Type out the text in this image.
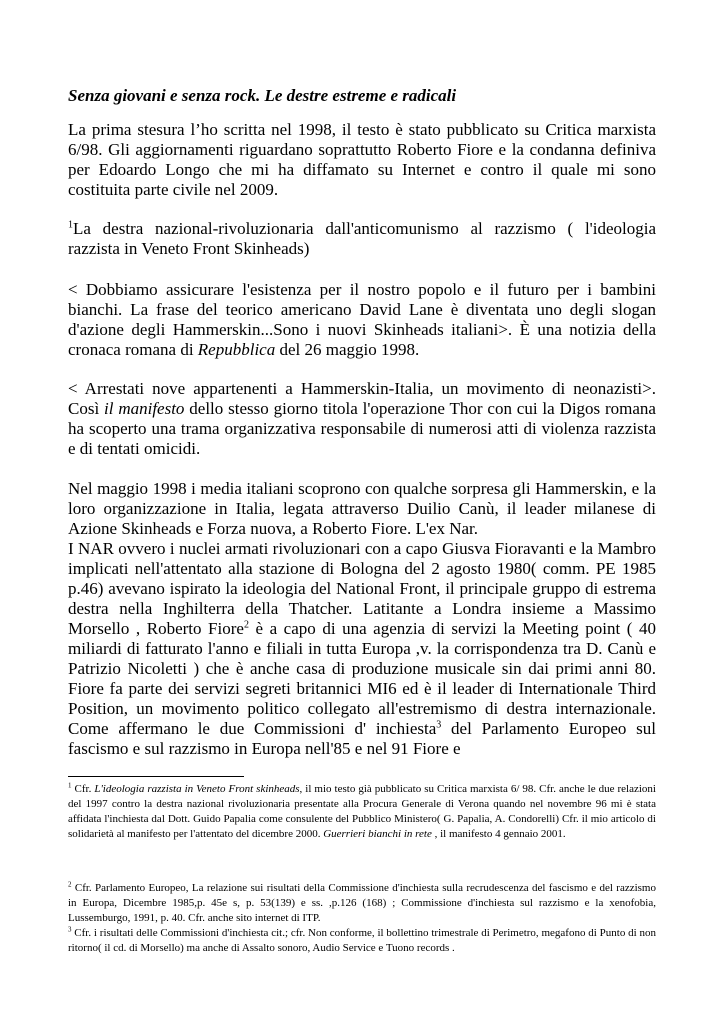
Senza giovani e senza rock. Le destre estreme e radicali

La prima stesura l’ho scritta nel 1998, il testo è stato pubblicato su Critica marxista 6/98. Gli aggiornamenti riguardano soprattutto Roberto Fiore e la condanna definiva per Edoardo Longo che mi ha diffamato su Internet e contro il quale mi sono costituita parte civile nel 2009.

$^1$La destra nazional-rivoluzionaria dall'anticomunismo al razzismo ( l'ideologia razzista in Veneto Front Skinheads)

< Dobbiamo assicurare l'esistenza per il nostro popolo e il futuro per i bambini bianchi. La frase del teorico americano David Lane è diventata uno degli slogan d'azione degli Hammerskin...Sono i nuovi Skinheads italiani>. È una notizia della cronaca romana di Repubblica del 26 maggio 1998.

< Arrestati nove appartenenti a Hammerskin-Italia, un movimento di neonazisti>. Così il manifesto dello stesso giorno titola l'operazione Thor con cui la Digos romana ha scoperto una trama organizzativa responsabile di numerosi atti di violenza razzista e di tentati omicidi.

Nel maggio 1998 i media italiani scoprono con qualche sorpresa gli Hammerskin, e la loro organizzazione in Italia, legata attraverso Duilio Canù, il leader milanese di Azione Skinheads e Forza nuova, a Roberto Fiore. L'ex Nar.

I NAR ovvero i nuclei armati rivoluzionari con a capo Giusva Fioravanti e la Mambro implicati nell'attentato alla stazione di Bologna del 2 agosto 1980( comm. PE 1985 p.46) avevano ispirato la ideologia del National Front, il principale gruppo di estrema destra nella Inghilterra della Thatcher. Latitante a Londra insieme a Massimo Morsello , Roberto Fiore$^2$ è a capo di una agenzia di servizi la Meeting point ( 40 miliardi di fatturato l'anno e filiali in tutta Europa ,v. la corrispondenza tra D. Canù e Patrizio Nicoletti ) che è anche casa di produzione musicale sin dai primi anni 80. Fiore fa parte dei servizi segreti britannici MI6 ed è il leader di Internationale Third Position, un movimento politico collegato all'estremismo di destra internazionale. Come affermano le due Commissioni d' inchiesta$^3$ del Parlamento Europeo sul fascismo e sul razzismo in Europa nell'85 e nel 91 Fiore e

$^1$ Cfr. L'ideologia razzista in Veneto Front skinheads, il mio testo già pubblicato su Critica marxista 6/ 98. Cfr. anche le due relazioni del 1997 contro la destra nazional rivoluzionaria presentate alla Procura Generale di Verona quando nel novembre 96 mi è stata affidata l'inchiesta dal Dott. Guido Papalia come consulente del Pubblico Ministero( G. Papalia, A. Condorelli) Cfr. il mio articolo di solidarietà al manifesto per l'attentato del dicembre 2000. Guerrieri bianchi in rete , il manifesto 4 gennaio 2001.

$^2$ Cfr. Parlamento Europeo, La relazione sui risultati della Commissione d'inchiesta sulla recrudescenza del fascismo e del razzismo in Europa, Dicembre 1985,p. 45e s, p. 53(139) e ss. ,p.126 (168) ; Commissione d'inchiesta sul razzismo e la xenofobia, Lussemburgo, 1991, p. 40. Cfr. anche sito internet di ITP.

$^3$ Cfr. i risultati delle Commissioni d'inchiesta cit.; cfr. Non conforme, il bollettino trimestrale di Perimetro, megafono di Punto di non ritorno( il cd. di Morsello) ma anche di Assalto sonoro, Audio Service e Tuono records .
